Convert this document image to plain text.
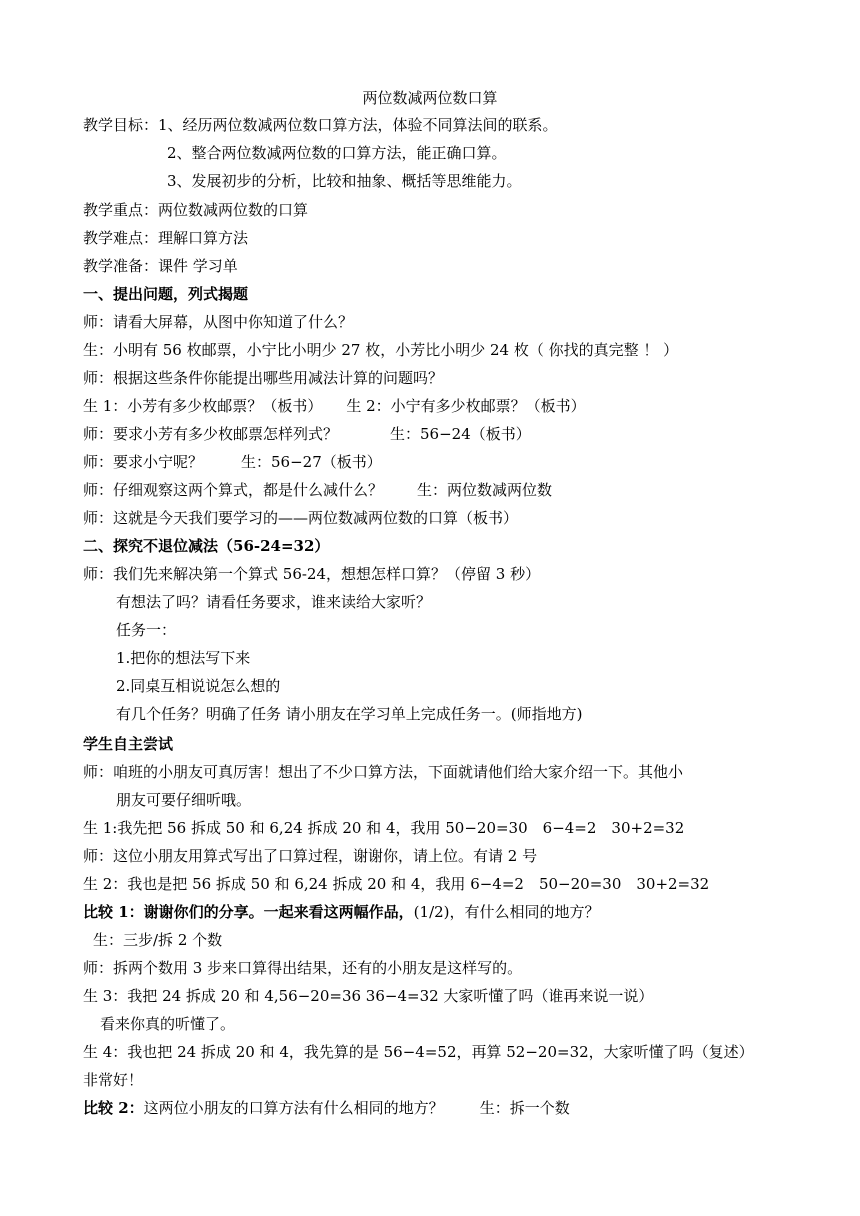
两位数减两位数口算
教学目标：1、经历两位数减两位数口算方法，体验不同算法间的联系。
2、整合两位数减两位数的口算方法，能正确口算。
3、发展初步的分析，比较和抽象、概括等思维能力。
教学重点：两位数减两位数的口算
教学难点：理解口算方法
教学准备：课件 学习单
一、提出问题，列式揭题
师：请看大屏幕，从图中你知道了什么？
生：小明有 56 枚邮票，小宁比小明少 27 枚，小芳比小明少 24 枚（ 你找的真完整 ！ ）
师：根据这些条件你能提出哪些用减法计算的问题吗？
生 1：小芳有多少枚邮票？（板书） 生 2：小宁有多少枚邮票？（板书）
师：要求小芳有多少枚邮票怎样列式？	生：56−24（板书）
师：要求小宁呢？	生：56−27（板书）
师：仔细观察这两个算式，都是什么减什么？ 生：两位数减两位数
师：这就是今天我们要学习的——两位数减两位数的口算（板书）
二、探究不退位减法（56-24=32）
师：我们先来解决第一个算式 56-24，想想怎样口算？（停留 3 秒）
有想法了吗？请看任务要求，谁来读给大家听？
任务一：
1.把你的想法写下来
2.同桌互相说说怎么想的
有几个任务？明确了任务 请小朋友在学习单上完成任务一。(师指地方)
学生自主尝试
师：咱班的小朋友可真厉害！想出了不少口算方法，下面就请他们给大家介绍一下。其他小
朋友可要仔细听哦。
生 1:我先把 56 拆成 50 和 6,24 拆成 20 和 4，我用 50−20=30　6−4=2　30+2=32
师：这位小朋友用算式写出了口算过程，谢谢你，请上位。有请 2 号
生 2：我也是把 56 拆成 50 和 6,24 拆成 20 和 4，我用 6−4=2　50−20=30　30+2=32
比较 1：谢谢你们的分享。一起来看这两幅作品，(1/2)，有什么相同的地方？
生：三步/拆 2 个数
师：拆两个数用 3 步来口算得出结果，还有的小朋友是这样写的。
生 3：我把 24 拆成 20 和 4,56−20=36 36−4=32 大家听懂了吗（谁再来说一说）
看来你真的听懂了。
生 4：我也把 24 拆成 20 和 4，我先算的是 56−4=52，再算 52−20=32，大家听懂了吗（复述）
非常好！
比较 2：这两位小朋友的口算方法有什么相同的地方？ 生：拆一个数
